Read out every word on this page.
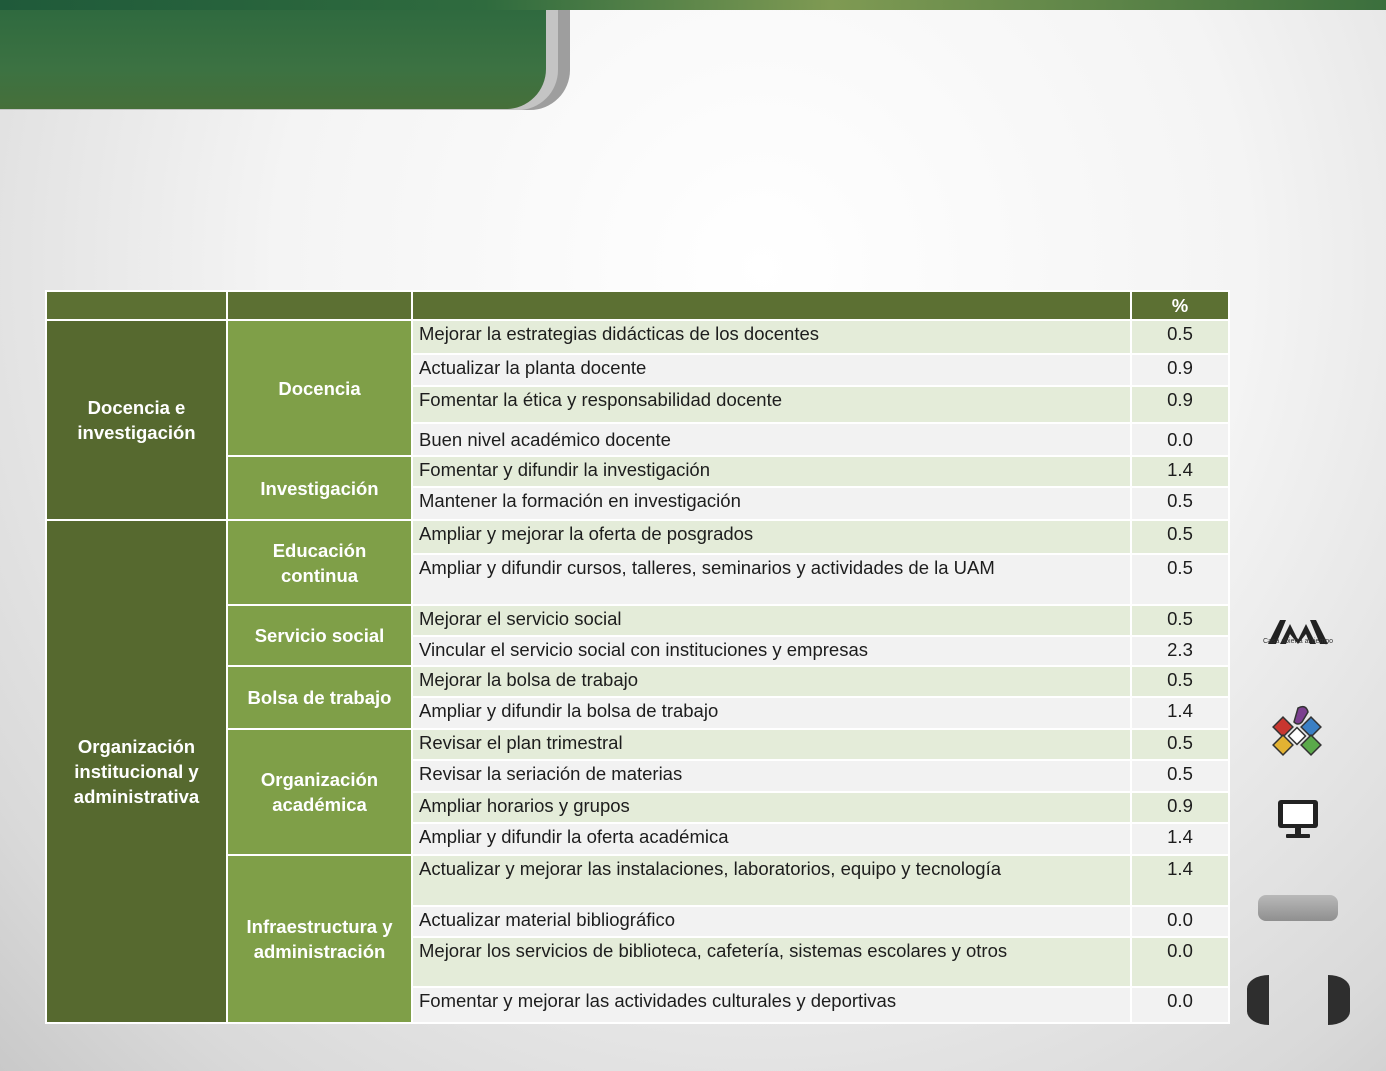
			%
Docencia e investigación	Docencia	Mejorar la estrategias didácticas de los docentes	0.5
		Actualizar la planta docente	0.9
		Fomentar la ética y responsabilidad docente	0.9
		Buen nivel académico docente	0.0
	Investigación	Fomentar y difundir la investigación	1.4
		Mantener la formación en investigación	0.5
Organización institucional y administrativa	Educación continua	Ampliar y mejorar la oferta de posgrados	0.5
		Ampliar y difundir cursos, talleres, seminarios y actividades de la UAM	0.5
	Servicio social	Mejorar el servicio social	0.5
		Vincular el servicio social con instituciones y empresas	2.3
	Bolsa de trabajo	Mejorar la bolsa de trabajo	0.5
		Ampliar y difundir la bolsa de trabajo	1.4
	Organización académica	Revisar el plan trimestral	0.5
		Revisar la seriación de materias	0.5
		Ampliar horarios y grupos	0.9
		Ampliar y difundir la oferta académica	1.4
	Infraestructura y administración	Actualizar y mejorar las instalaciones, laboratorios, equipo y tecnología	1.4
		Actualizar material bibliográfico	0.0
		Mejorar los servicios de biblioteca, cafetería, sistemas escolares y otros	0.0
		Fomentar y mejorar las actividades culturales y deportivas	0.0
Casa abierta al tiempo
